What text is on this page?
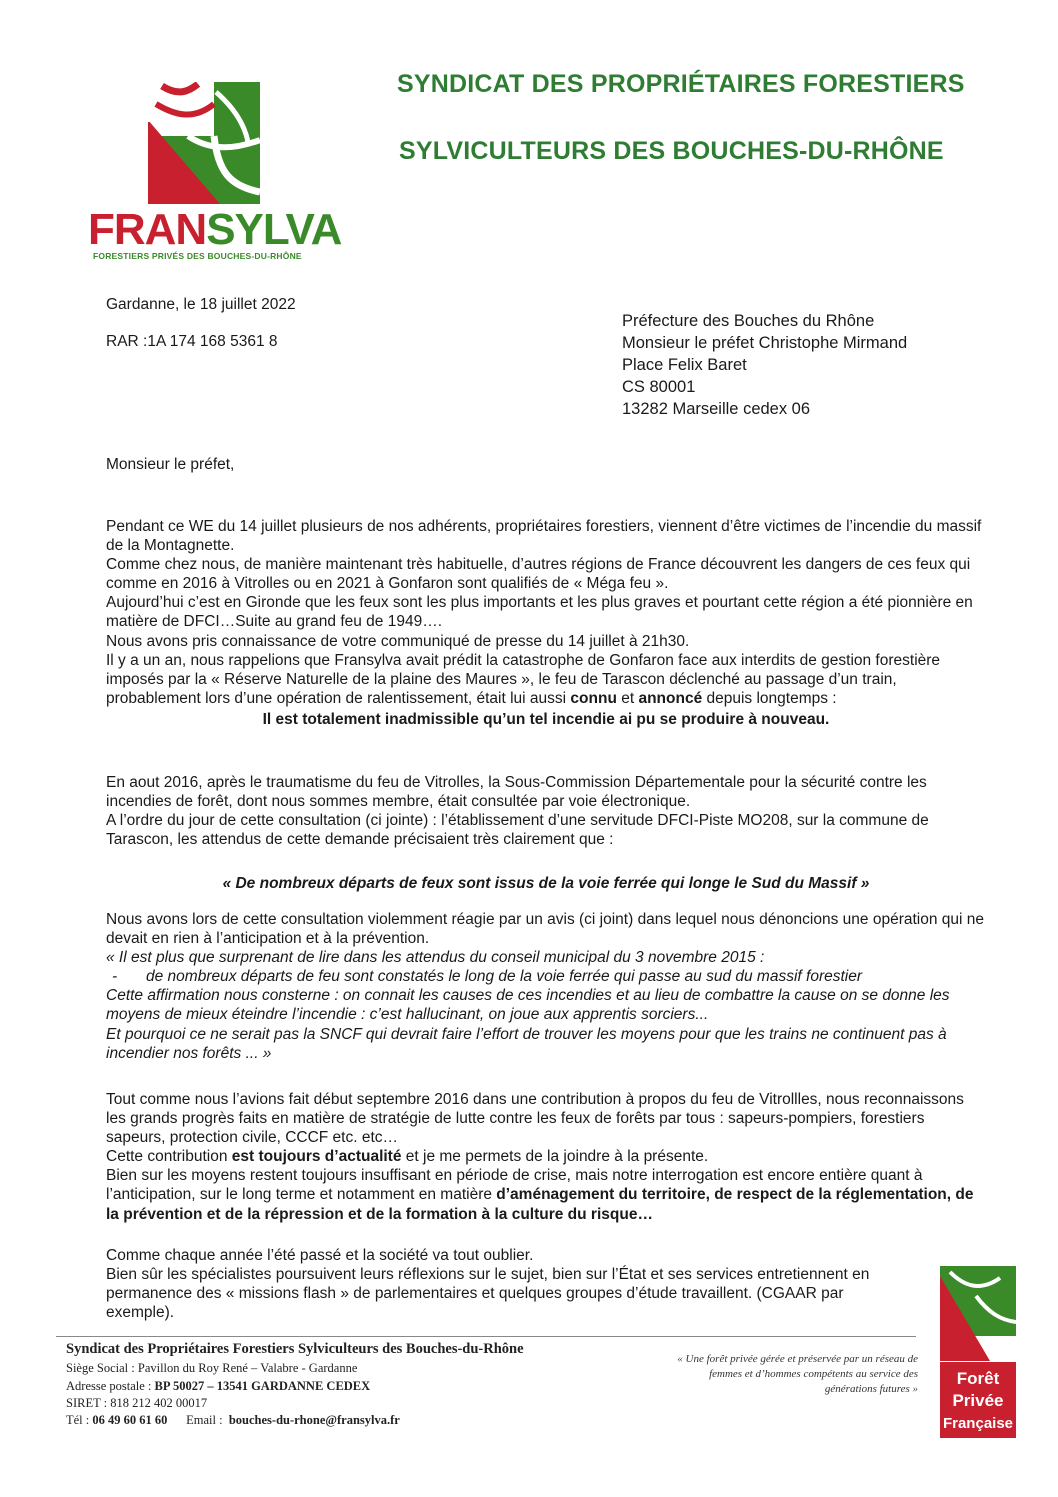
FRANSYLVA
FORESTIERS PRIVÉS DES BOUCHES-DU-RHÔNE
SYNDICAT DES PROPRIÉTAIRES FORESTIERS
SYLVICULTEURS DES BOUCHES-DU-RHÔNE
Gardanne, le 18 juillet 2022
RAR :1A 174 168 5361 8
Préfecture des Bouches du Rhône
Monsieur le préfet Christophe Mirmand
Place Felix Baret
CS 80001
13282 Marseille cedex 06
Monsieur le préfet,

Pendant ce WE du 14 juillet plusieurs de nos adhérents, propriétaires forestiers, viennent d’être victimes de l’incendie du massif de la Montagnette.

Comme chez nous, de manière maintenant très habituelle, d’autres régions de France découvrent les dangers de ces feux qui comme en 2016 à Vitrolles ou en 2021 à Gonfaron sont qualifiés de « Méga feu ».

Aujourd’hui c’est en Gironde que les feux sont les plus importants et les plus graves et pourtant cette région a été pionnière en matière de DFCI…Suite au grand feu de 1949….

Nous avons pris connaissance de votre communiqué de presse du 14 juillet à 21h30.

Il y a un an, nous rappelions que Fransylva avait prédit la catastrophe de Gonfaron face aux interdits de gestion forestière imposés par la « Réserve Naturelle de la plaine des Maures », le feu de Tarascon déclenché au passage d’un train, probablement lors d’une opération de ralentissement, était lui aussi connu et annoncé depuis longtemps :

Il est totalement inadmissible qu’un tel incendie ai pu se produire à nouveau.

En aout 2016, après le traumatisme du feu de Vitrolles, la Sous-Commission Départementale pour la sécurité contre les incendies de forêt, dont nous sommes membre, était consultée par voie électronique.

A l’ordre du jour de cette consultation (ci jointe) : l’établissement d’une servitude DFCI-Piste MO208, sur la commune de Tarascon, les attendus de cette demande précisaient très clairement que :

« De nombreux départs de feux sont issus de la voie ferrée qui longe le Sud du Massif »

Nous avons lors de cette consultation violemment réagie par un avis (ci joint) dans lequel nous dénoncions une opération qui ne devait en rien à l’anticipation et à la prévention.

« Il est plus que surprenant de lire dans les attendus du conseil municipal du 3 novembre 2015 :

- de nombreux départs de feu sont constatés le long de la voie ferrée qui passe au sud du massif forestier

Cette affirmation nous consterne : on connait les causes de ces incendies et au lieu de combattre la cause on se donne les moyens de mieux éteindre l’incendie : c’est hallucinant, on joue aux apprentis sorciers...

Et pourquoi ce ne serait pas la SNCF qui devrait faire l’effort de trouver les moyens pour que les trains ne continuent pas à incendier nos forêts ... »

Tout comme nous l’avions fait début septembre 2016 dans une contribution à propos du feu de Vitrollles, nous reconnaissons les grands progrès faits en matière de stratégie de lutte contre les feux de forêts par tous : sapeurs-pompiers, forestiers sapeurs, protection civile, CCCF etc. etc…

Cette contribution est toujours d’actualité et je me permets de la joindre à la présente.

Bien sur les moyens restent toujours insuffisant en période de crise, mais notre interrogation est encore entière quant à l’anticipation, sur le long terme et notamment en matière d’aménagement du territoire, de respect de la réglementation, de la prévention et de la répression et de la formation à la culture du risque…

Comme chaque année l’été passé et la société va tout oublier.

Bien sûr les spécialistes poursuivent leurs réflexions sur le sujet, bien sur l’État et ses services entretiennent en permanence des « missions flash » de parlementaires et quelques groupes d’étude travaillent. (CGAAR par exemple).

Syndicat des Propriétaires Forestiers Sylviculteurs des Bouches-du-Rhône
Siège Social : Pavillon du Roy René – Valabre - Gardanne
Adresse postale : BP 50027 – 13541 GARDANNE CEDEX
SIRET : 818 212 402 00017
Tél : 06 49 60 61 60      Email :  bouches-du-rhone@fransylva.fr
« Une forêt privée gérée et préservée par un réseau de femmes et d’hommes compétents au service des générations futures »
Forêt
Privée
Française
